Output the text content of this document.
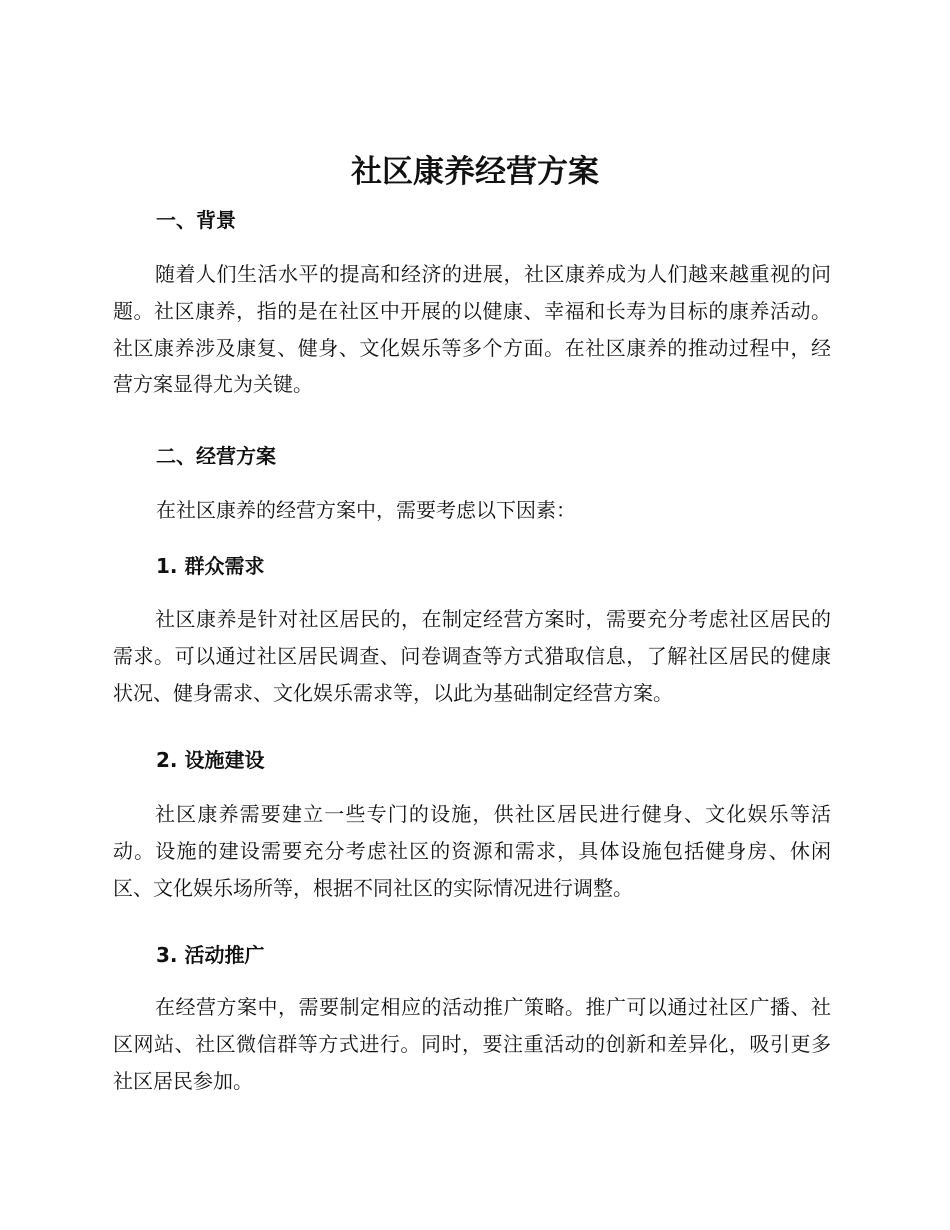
社区康养经营方案
一、背景
随着人们生活水平的提高和经济的进展，社区康养成为人们越来越重视的问题。社区康养，指的是在社区中开展的以健康、幸福和长寿为目标的康养活动。社区康养涉及康复、健身、文化娱乐等多个方面。在社区康养的推动过程中，经营方案显得尤为关键。
二、经营方案
在社区康养的经营方案中，需要考虑以下因素：
1. 群众需求
社区康养是针对社区居民的，在制定经营方案时，需要充分考虑社区居民的需求。可以通过社区居民调查、问卷调查等方式猎取信息，了解社区居民的健康状况、健身需求、文化娱乐需求等，以此为基础制定经营方案。
2. 设施建设
社区康养需要建立一些专门的设施，供社区居民进行健身、文化娱乐等活动。设施的建设需要充分考虑社区的资源和需求，具体设施包括健身房、休闲区、文化娱乐场所等，根据不同社区的实际情况进行调整。
3. 活动推广
在经营方案中，需要制定相应的活动推广策略。推广可以通过社区广播、社区网站、社区微信群等方式进行。同时，要注重活动的创新和差异化，吸引更多社区居民参加。
